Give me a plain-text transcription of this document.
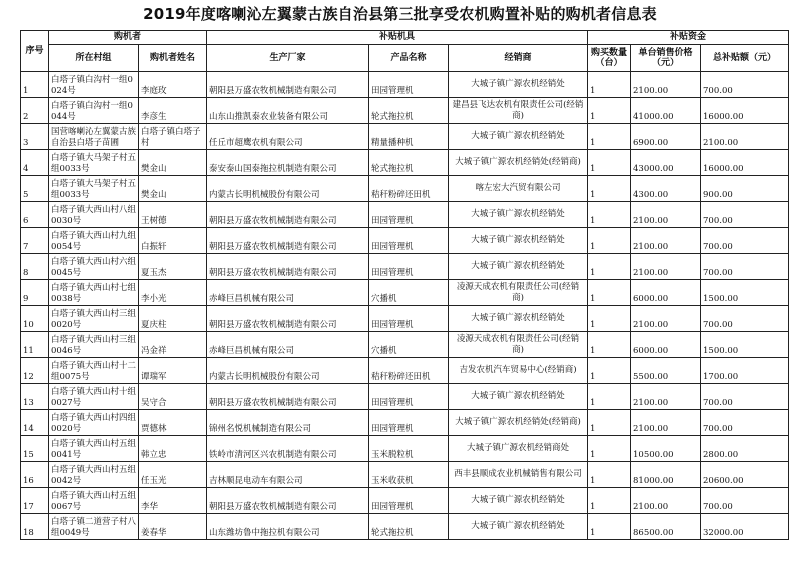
2019年度喀喇沁左翼蒙古族自治县第三批享受农机购置补贴的购机者信息表
序号	购机者		补贴机具			补贴资金		
	所在村组	购机者姓名	生产厂家	产品名称	经销商	购买数量（台）	单台销售价格（元）	总补贴额（元）
1	白塔子镇白沟村一组0024号	李庭玫	朝阳县万盛农牧机械制造有限公司	田园管理机	大城子镇广源农机经销处	1	2100.00	700.00
2	白塔子镇白沟村一组0044号	李彦生	山东山推凯泰农业装备有限公司	轮式拖拉机	建昌县飞达农机有限责任公司(经销商)	1	41000.00	16000.00
3	国营喀喇沁左翼蒙古族自治县白塔子苗圃	白塔子镇白塔子村	任丘市超鹰农机有限公司	精量播种机	大城子镇广源农机经销处	1	6900.00	2100.00
4	白塔子镇大马架子村五组0033号	樊金山	泰安泰山国泰拖拉机制造有限公司	轮式拖拉机	大城子镇广源农机经销处(经销商)	1	43000.00	16000.00
5	白塔子镇大马架子村五组0033号	樊金山	内蒙古长明机械股份有限公司	秸秆粉碎还田机	喀左宏大汽贸有限公司	1	4300.00	900.00
6	白塔子镇大西山村八组0030号	王树德	朝阳县万盛农牧机械制造有限公司	田园管理机	大城子镇广源农机经销处	1	2100.00	700.00
7	白塔子镇大西山村九组0054号	白振轩	朝阳县万盛农牧机械制造有限公司	田园管理机	大城子镇广源农机经销处	1	2100.00	700.00
8	白塔子镇大西山村六组0045号	夏玉杰	朝阳县万盛农牧机械制造有限公司	田园管理机	大城子镇广源农机经销处	1	2100.00	700.00
9	白塔子镇大西山村七组0038号	李小光	赤峰巨昌机械有限公司	穴播机	凌源天成农机有限责任公司(经销商)	1	6000.00	1500.00
10	白塔子镇大西山村三组0020号	夏庆柱	朝阳县万盛农牧机械制造有限公司	田园管理机	大城子镇广源农机经销处	1	2100.00	700.00
11	白塔子镇大西山村三组0046号	冯金祥	赤峰巨昌机械有限公司	穴播机	凌源天成农机有限责任公司(经销商)	1	6000.00	1500.00
12	白塔子镇大西山村十二组0075号	谭瑞军	内蒙古长明机械股份有限公司	秸秆粉碎还田机	吉发农机汽车贸易中心(经销商)	1	5500.00	1700.00
13	白塔子镇大西山村十组0027号	吴守合	朝阳县万盛农牧机械制造有限公司	田园管理机	大城子镇广源农机经销处	1	2100.00	700.00
14	白塔子镇大西山村四组0020号	贾德林	锦州名悦机械制造有限公司	田园管理机	大城子镇广源农机经销处(经销商)	1	2100.00	700.00
15	白塔子镇大西山村五组0041号	韩立忠	铁岭市清河区兴农机制造有限公司	玉米脱粒机	大城子镇广源农机经销商处	1	10500.00	2800.00
16	白塔子镇大西山村五组0042号	任玉光	吉林顺昆电动车有限公司	玉米收获机	西丰县顺成农业机械销售有限公司	1	81000.00	20600.00
17	白塔子镇大西山村五组0067号	李华	朝阳县万盛农牧机械制造有限公司	田园管理机	大城子镇广源农机经销处	1	2100.00	700.00
18	白塔子镇二道营子村八组0049号	姜春华	山东潍坊鲁中拖拉机有限公司	轮式拖拉机	大城子镇广源农机经销处	1	86500.00	32000.00
